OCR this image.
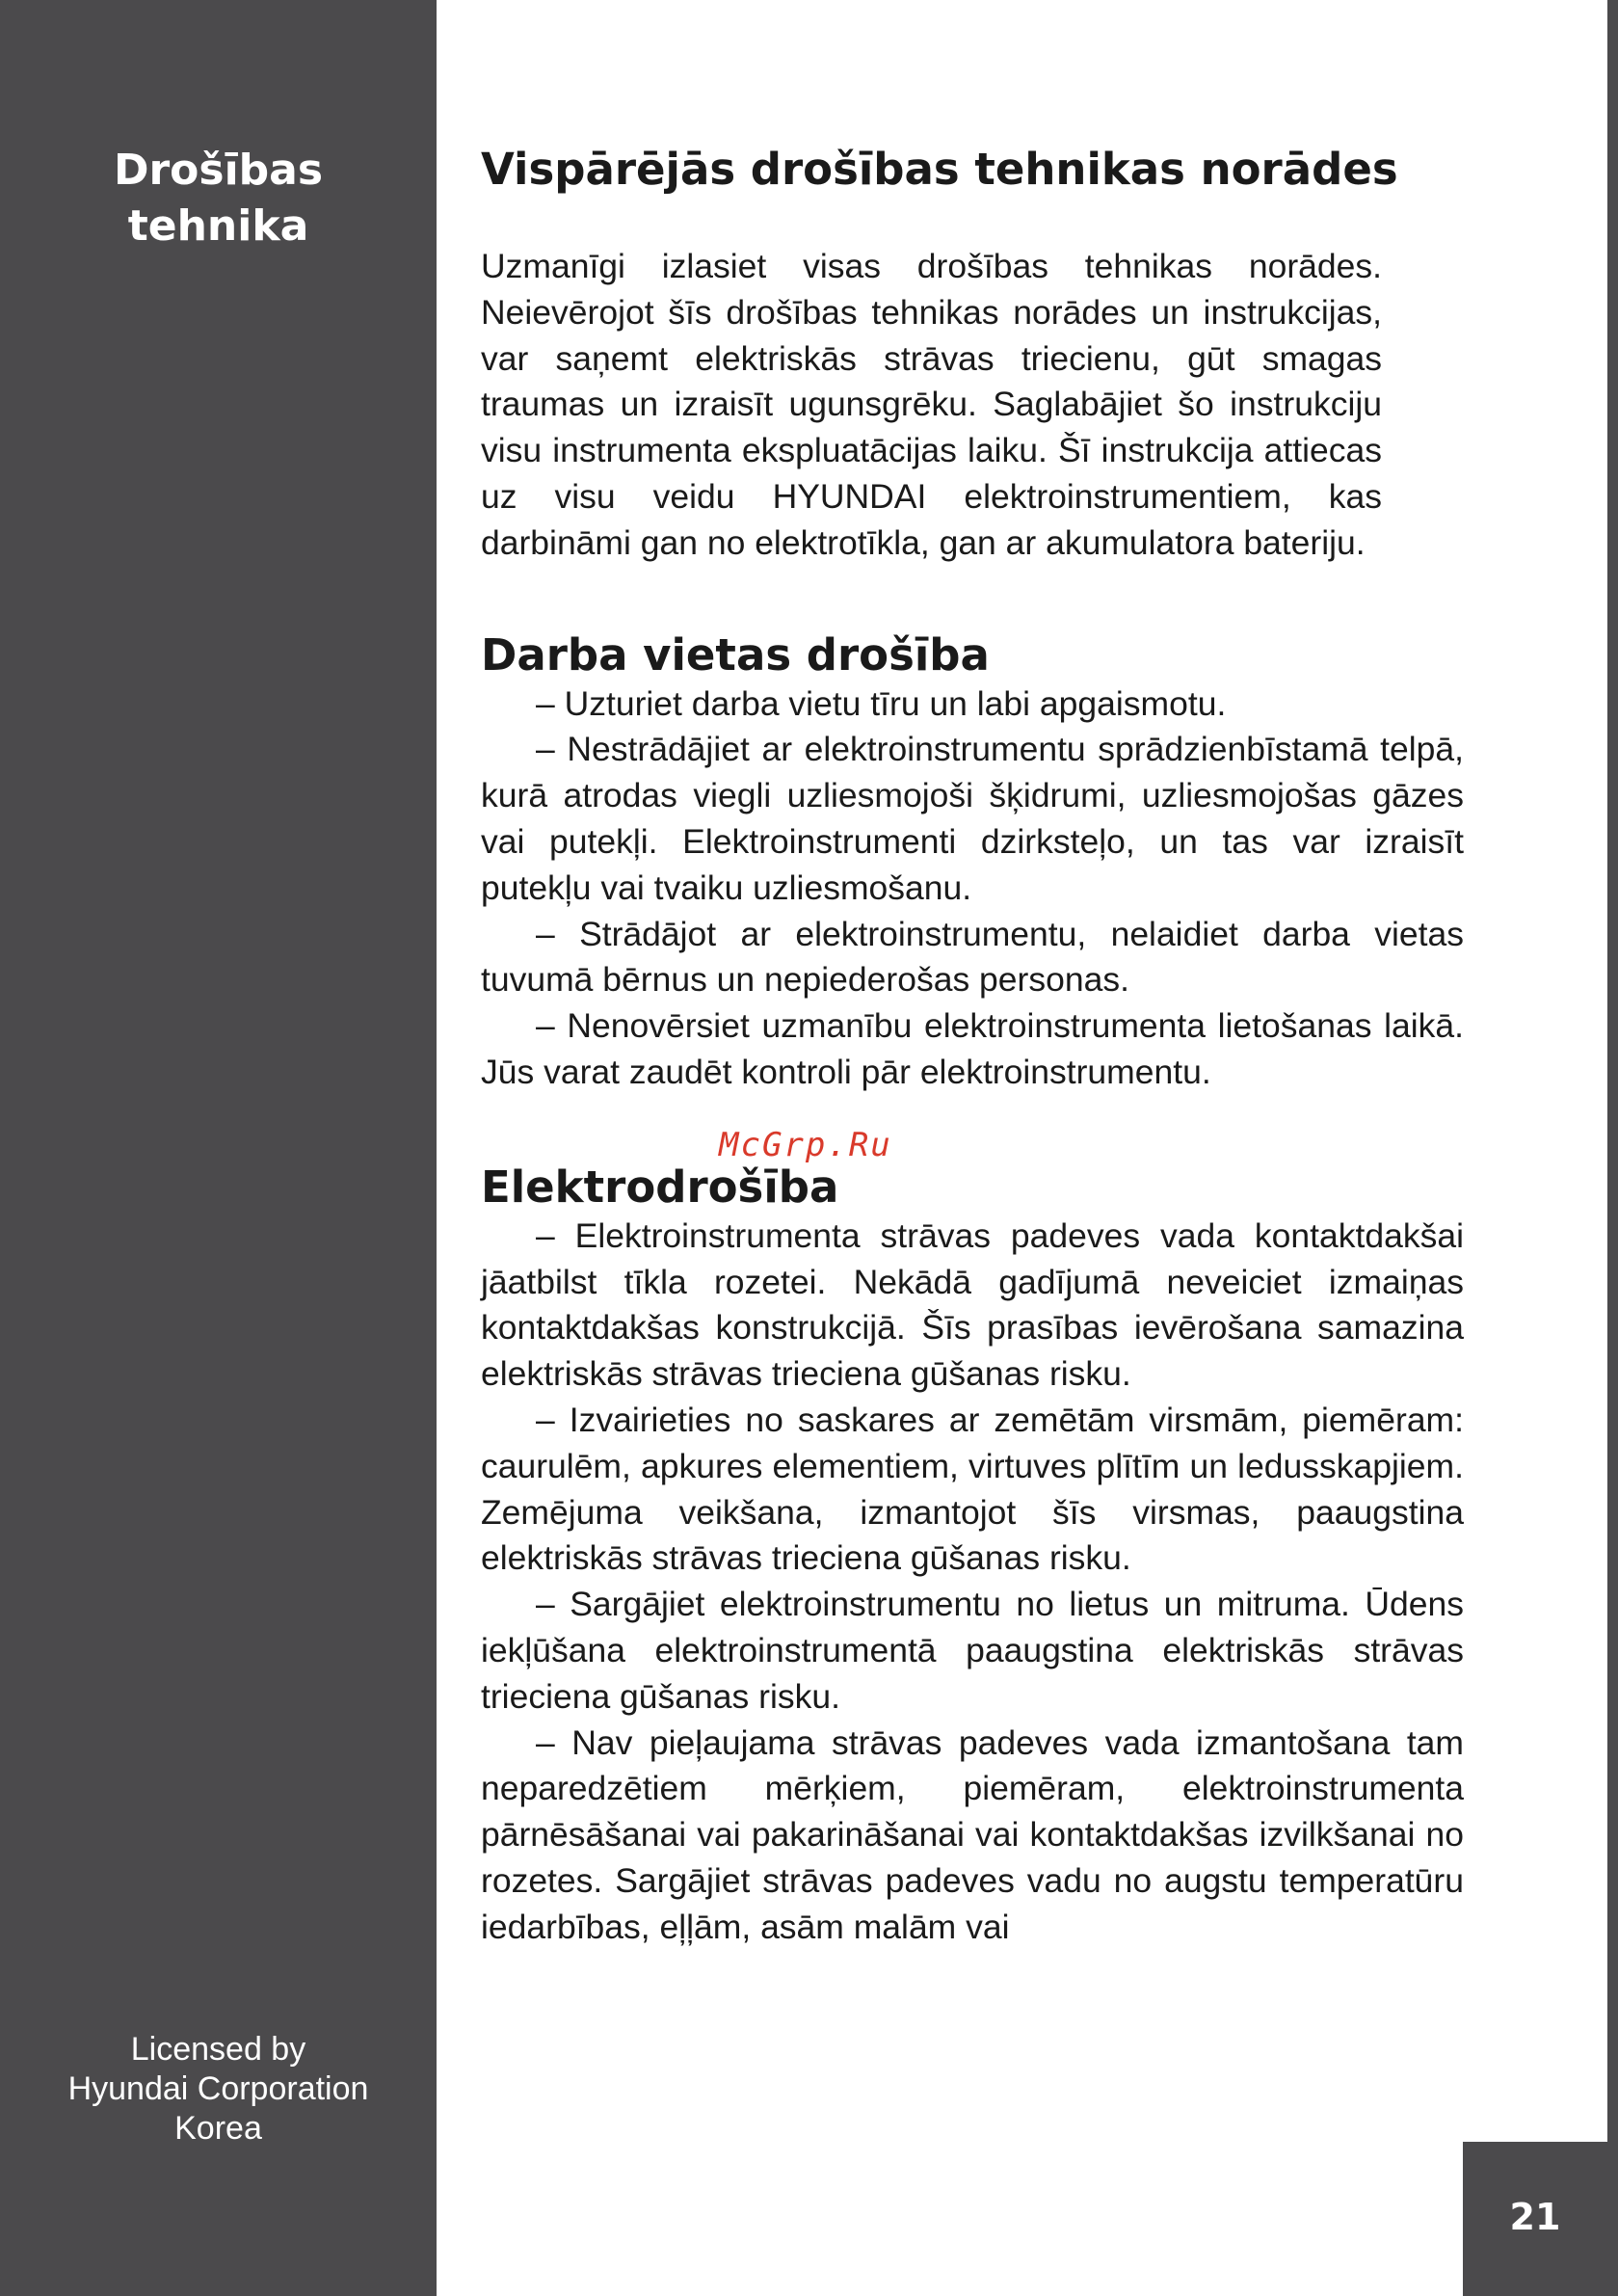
Drošības
tehnika
Licensed by
Hyundai Corporation
Korea
21
Vispārējās drošības tehnikas norādes

Uzmanīgi izlasiet visas drošības tehnikas norādes. Neievērojot šīs drošības tehnikas norādes un instrukcijas, var saņemt elektriskās strāvas triecienu, gūt smagas traumas un izraisīt ugunsgrēku. Saglabājiet šo instrukciju visu instrumenta ekspluatācijas laiku. Šī instrukcija attiecas uz visu veidu HYUNDAI elektroinstrumentiem, kas darbināmi gan no elektrotīkla, gan ar akumulatora bateriju.

Darba vietas drošība

– Uzturiet darba vietu tīru un labi apgaismotu.

– Nestrādājiet ar elektroinstrumentu sprādzienbīstamā telpā, kurā atrodas viegli uzliesmojoši šķidrumi, uzliesmojošas gāzes vai putekļi. Elektroinstrumenti dzirksteļo, un tas var izraisīt putekļu vai tvaiku uzliesmošanu.

– Strādājot ar elektroinstrumentu, nelaidiet darba vietas tuvumā bērnus un nepiederošas personas.

– Nenovērsiet uzmanību elektroinstrumenta lietošanas laikā. Jūs varat zaudēt kontroli pār elektroinstrumentu.

Elektrodrošība

– Elektroinstrumenta strāvas padeves vada kontaktdakšai jāatbilst tīkla rozetei. Nekādā gadījumā neveiciet izmaiņas kontaktdakšas konstrukcijā. Šīs prasības ievērošana samazina elektriskās strāvas trieciena gūšanas risku.

– Izvairieties no saskares ar zemētām virsmām, piemēram: caurulēm, apkures elementiem, virtuves plītīm un ledusskapjiem. Zemējuma veikšana, izmantojot šīs virsmas, paaugstina elektriskās strāvas trieciena gūšanas risku.

– Sargājiet elektroinstrumentu no lietus un mitruma. Ūdens iekļūšana elektroinstrumentā paaugstina elektriskās strāvas trieciena gūšanas risku.

– Nav pieļaujama strāvas padeves vada izmantošana tam neparedzētiem mērķiem, piemēram, elektroinstrumenta pārnēsāšanai vai pakarināšanai vai kontaktdakšas izvilkšanai no rozetes. Sargājiet strāvas padeves vadu no augstu temperatūru iedarbības, eļļām, asām malām vai

McGrp.Ru
